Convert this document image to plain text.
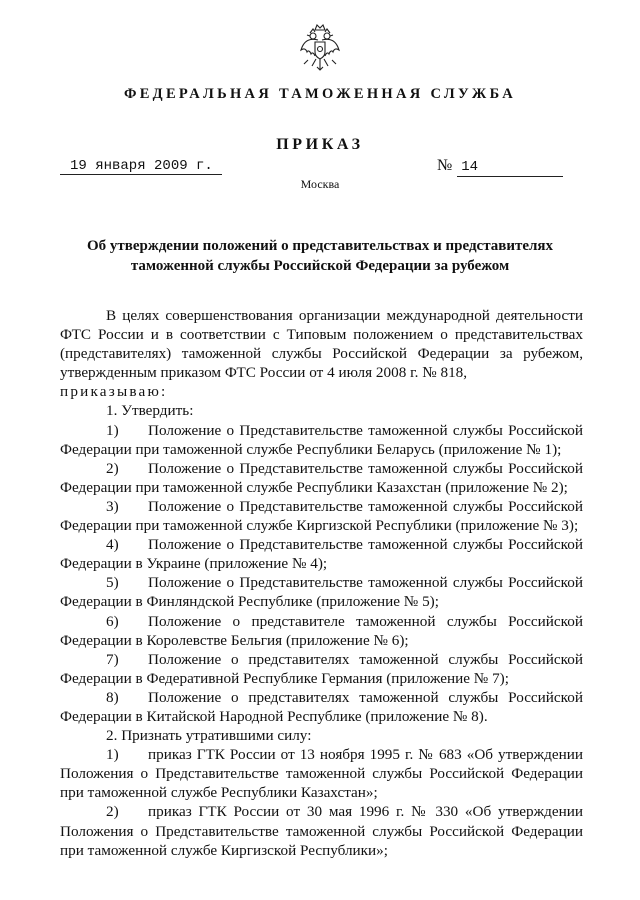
ФЕДЕРАЛЬНАЯ ТАМОЖЕННАЯ СЛУЖБА
ПРИКАЗ
19 января 2009 г.	№ 14
Москва
Об утверждении положений о представительствах и представителях таможенной службы Российской Федерации за рубежом

В целях совершенствования организации международной деятельности ФТС России и в соответствии с Типовым положением о представительствах (представителях) таможенной службы Российской Федерации за рубежом, утвержденным приказом ФТС России от 4 июля 2008 г. № 818,

приказываю:

1. Утвердить:

1) Положение о Представительстве таможенной службы Российской Федерации при таможенной службе Республики Беларусь (приложение № 1);

2) Положение о Представительстве таможенной службы Российской Федерации при таможенной службе Республики Казахстан (приложение № 2);

3) Положение о Представительстве таможенной службы Российской Федерации при таможенной службе Киргизской Республики (приложение № 3);

4) Положение о Представительстве таможенной службы Российской Федерации в Украине (приложение № 4);

5) Положение о Представительстве таможенной службы Российской Федерации в Финляндской Республике (приложение № 5);

6) Положение о представителе таможенной службы Российской Федерации в Королевстве Бельгия (приложение № 6);

7) Положение о представителях таможенной службы Российской Федерации в Федеративной Республике Германия (приложение № 7);

8) Положение о представителях таможенной службы Российской Федерации в Китайской Народной Республике (приложение № 8).

2. Признать утратившими силу:

1) приказ ГТК России от 13 ноября 1995 г. № 683 «Об утверждении Положения о Представительстве таможенной службы Российской Федерации при таможенной службе Республики Казахстан»;

2) приказ ГТК России от 30 мая 1996 г. № 330 «Об утверждении Положения о Представительстве таможенной службы Российской Федерации при таможенной службе Киргизской Республики»;
